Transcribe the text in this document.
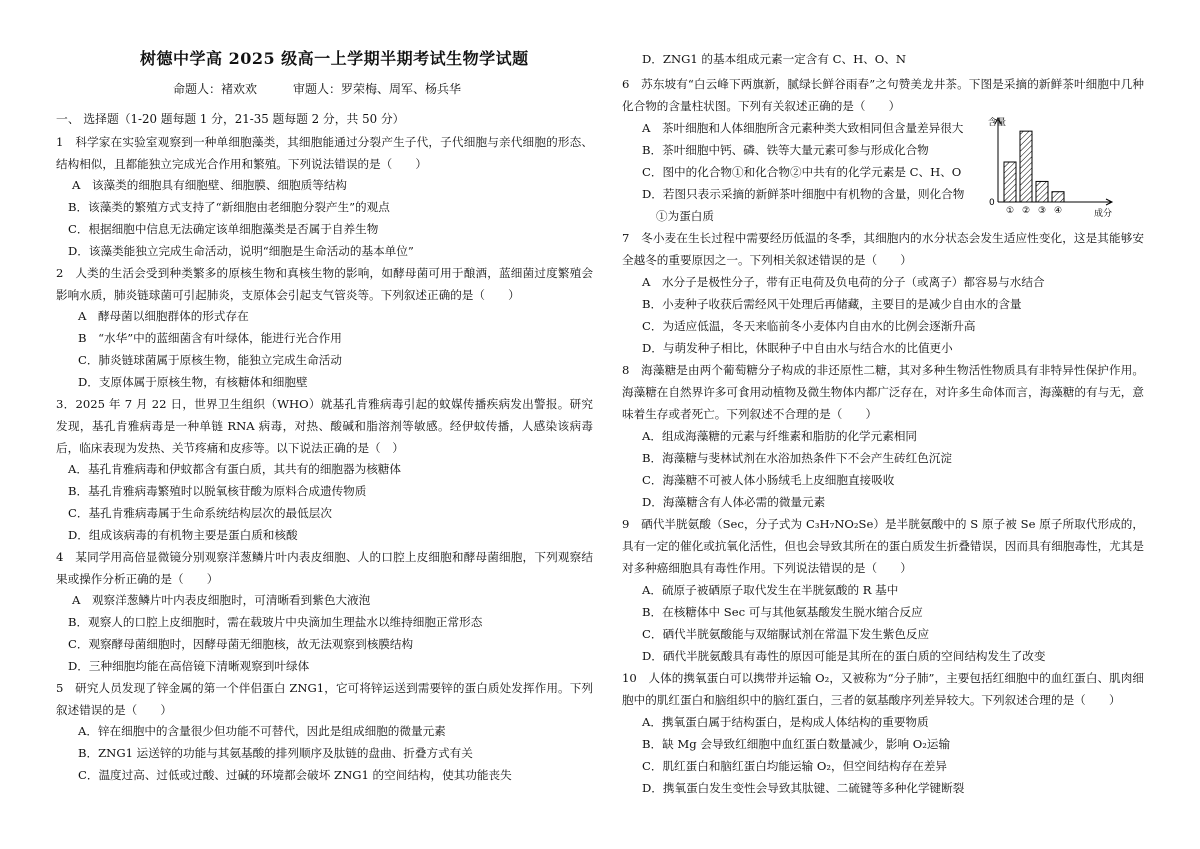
树德中学高 2025 级高一上学期半期考试生物学试题
命题人：褚欢欢　　　审题人：罗荣梅、周军、杨兵华
一、 选择题（1-20 题每题 1 分，21-35 题每题 2 分，共 50 分）
1　科学家在实验室观察到一种单细胞藻类，其细胞能通过分裂产生子代，子代细胞与亲代细胞的形态、结构相似，且都能独立完成光合作用和繁殖。下列说法错误的是（　　）
A　该藻类的细胞具有细胞壁、细胞膜、细胞质等结构
B．该藻类的繁殖方式支持了“新细胞由老细胞分裂产生”的观点
C．根据细胞中信息无法确定该单细胞藻类是否属于自养生物
D．该藻类能独立完成生命活动，说明“细胞是生命活动的基本单位”
2　人类的生活会受到种类繁多的原核生物和真核生物的影响，如酵母菌可用于酿酒，蓝细菌过度繁殖会影响水质，肺炎链球菌可引起肺炎，支原体会引起支气管炎等。下列叙述正确的是（　　）
A　酵母菌以细胞群体的形式存在
B　“水华”中的蓝细菌含有叶绿体，能进行光合作用
C．肺炎链球菌属于原核生物，能独立完成生命活动
D．支原体属于原核生物，有核糖体和细胞壁
3．2025 年 7 月 22 日，世界卫生组织（WHO）就基孔肯雅病毒引起的蚊媒传播疾病发出警报。研究发现，基孔肯雅病毒是一种单链 RNA 病毒，对热、酸碱和脂溶剂等敏感。经伊蚊传播，人感染该病毒后，临床表现为发热、关节疼痛和皮疹等。以下说法正确的是（　）
A．基孔肯雅病毒和伊蚊都含有蛋白质，其共有的细胞器为核糖体
B．基孔肯雅病毒繁殖时以脱氧核苷酸为原料合成遗传物质
C．基孔肯雅病毒属于生命系统结构层次的最低层次
D．组成该病毒的有机物主要是蛋白质和核酸
4　某同学用高倍显微镜分别观察洋葱鳞片叶内表皮细胞、人的口腔上皮细胞和酵母菌细胞，下列观察结果或操作分析正确的是（　　）
A　观察洋葱鳞片叶内表皮细胞时，可清晰看到紫色大液泡
B．观察人的口腔上皮细胞时，需在载玻片中央滴加生理盐水以维持细胞正常形态
C．观察酵母菌细胞时，因酵母菌无细胞核，故无法观察到核膜结构
D．三种细胞均能在高倍镜下清晰观察到叶绿体
5　研究人员发现了锌金属的第一个伴侣蛋白 ZNG1，它可将锌运送到需要锌的蛋白质处发挥作用。下列叙述错误的是（　　）
A．锌在细胞中的含量很少但功能不可替代，因此是组成细胞的微量元素
B．ZNG1 运送锌的功能与其氨基酸的排列顺序及肽链的盘曲、折叠方式有关
C．温度过高、过低或过酸、过碱的环境都会破坏 ZNG1 的空间结构，使其功能丧失
D．ZNG1 的基本组成元素一定含有 C、H、O、N
6　苏东坡有“白云峰下两旗新，腻绿长鲜谷雨春”之句赞美龙井茶。下图是采摘的新鲜茶叶细胞中几种化合物的含量柱状图。下列有关叙述正确的是（　　）
A　茶叶细胞和人体细胞所含元素种类大致相同但含量差异很大
B．茶叶细胞中钙、磷、铁等大量元素可参与形成化合物
C．图中的化合物①和化合物②中共有的化学元素是 C、H、O
D．若图只表示采摘的新鲜茶叶细胞中有机物的含量，则化合物
①为蛋白质
7　冬小麦在生长过程中需要经历低温的冬季，其细胞内的水分状态会发生适应性变化，这是其能够安全越冬的重要原因之一。下列相关叙述错误的是（　　）
A　水分子是极性分子，带有正电荷及负电荷的分子（或离子）都容易与水结合
B．小麦种子收获后需经风干处理后再储藏，主要目的是减少自由水的含量
C．为适应低温，冬天来临前冬小麦体内自由水的比例会逐渐升高
D．与萌发种子相比，休眠种子中自由水与结合水的比值更小
8　海藻糖是由两个葡萄糖分子构成的非还原性二糖，其对多种生物活性物质具有非特异性保护作用。海藻糖在自然界许多可食用动植物及微生物体内都广泛存在，对许多生命体而言，海藻糖的有与无，意味着生存或者死亡。下列叙述不合理的是（　　）
A．组成海藻糖的元素与纤维素和脂肪的化学元素相同
B．海藻糖与斐林试剂在水浴加热条件下不会产生砖红色沉淀
C．海藻糖不可被人体小肠绒毛上皮细胞直接吸收
D．海藻糖含有人体必需的微量元素
9　硒代半胱氨酸（Sec，分子式为 C₃H₇NO₂Se）是半胱氨酸中的 S 原子被 Se 原子所取代形成的，具有一定的催化或抗氧化活性，但也会导致其所在的蛋白质发生折叠错误，因而具有细胞毒性，尤其是对多种癌细胞具有毒性作用。下列说法错误的是（　　）
A．硫原子被硒原子取代发生在半胱氨酸的 R 基中
B．在核糖体中 Sec 可与其他氨基酸发生脱水缩合反应
C．硒代半胱氨酸能与双缩脲试剂在常温下发生紫色反应
D．硒代半胱氨酸具有毒性的原因可能是其所在的蛋白质的空间结构发生了改变
10　人体的携氧蛋白可以携带并运输 O₂，又被称为“分子肺”，主要包括红细胞中的血红蛋白、肌肉细胞中的肌红蛋白和脑组织中的脑红蛋白，三者的氨基酸序列差异较大。下列叙述合理的是（　　）
A．携氧蛋白属于结构蛋白，是构成人体结构的重要物质
B．缺 Mg 会导致红细胞中血红蛋白数量减少，影响 O₂运输
C．肌红蛋白和脑红蛋白均能运输 O₂，但空间结构存在差异
D．携氧蛋白发生变性会导致其肽键、二硫键等多种化学键断裂
① ② ③ ④
含量
成分
0
